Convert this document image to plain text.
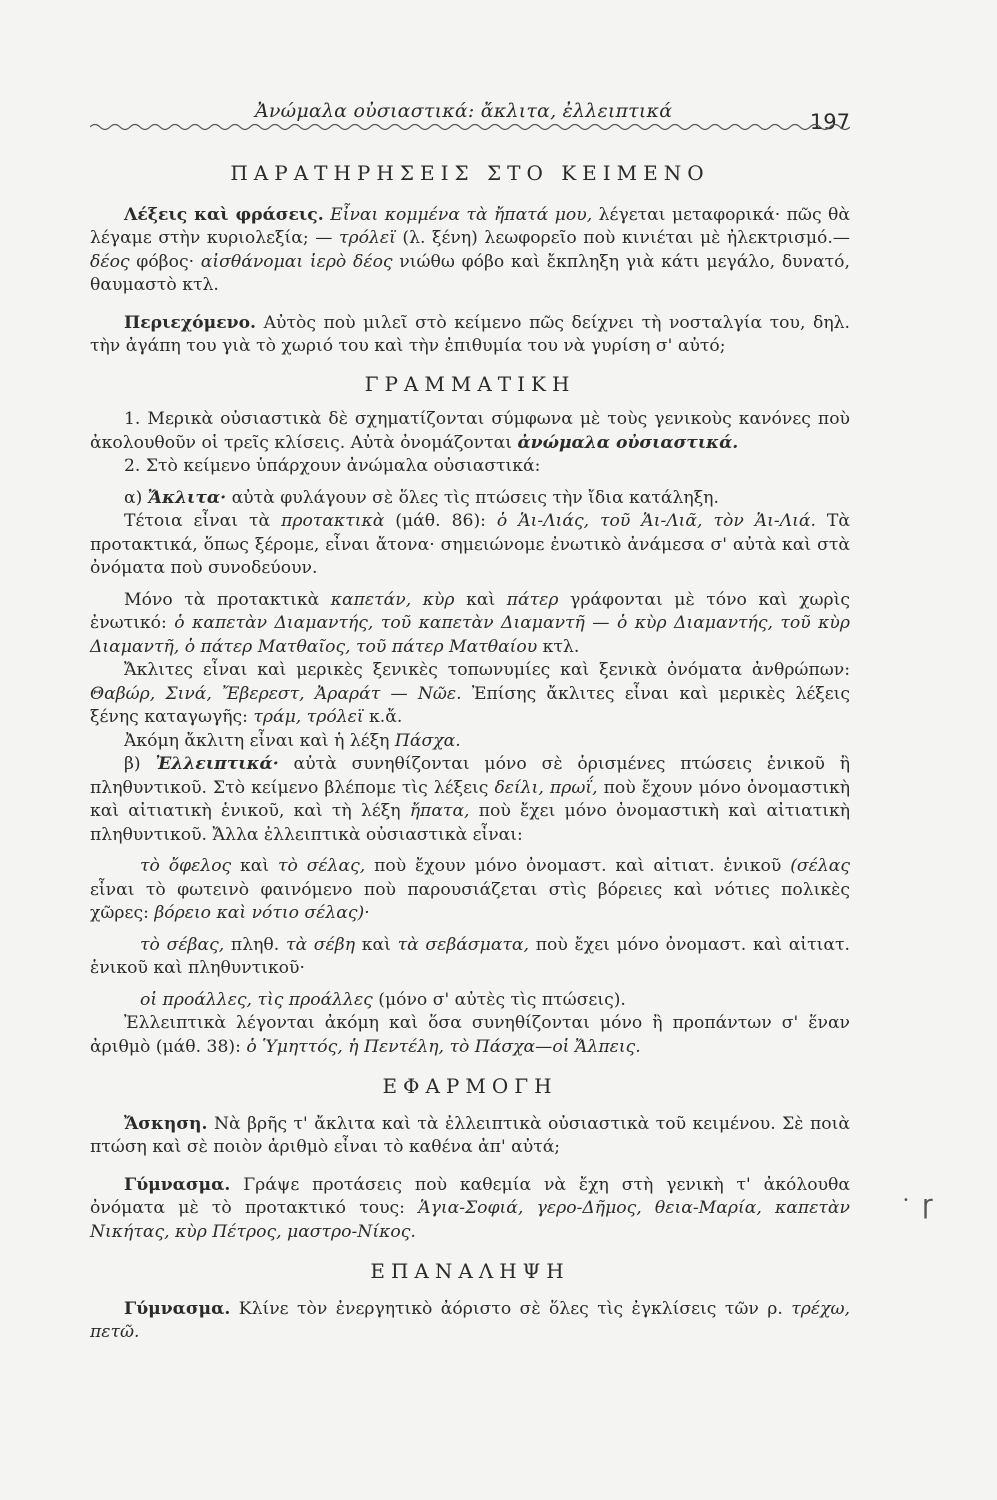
Ἀνώμαλα οὐσιαστικά: ἄκλιτα, ἐλλειπτικά	197
ΠΑΡΑΤΗΡΗΣΕΙΣ ΣΤΟ ΚΕΙΜΕΝΟ

Λέξεις καὶ φράσεις. Εἶναι κομμένα τὰ ἤπατά μου, λέγεται μεταφορικά· πῶς θὰ λέγαμε στὴν κυριολεξία; — τρόλεϊ (λ. ξένη) λεωφορεῖο ποὺ κινιέται μὲ ἠλεκτρισμό.—δέος φόβος· αἰσθάνομαι ἱερὸ δέος νιώθω φόβο καὶ ἔκπληξη γιὰ κάτι μεγάλο, δυνατό, θαυμαστὸ κτλ.

Περιεχόμενο. Αὐτὸς ποὺ μιλεῖ στὸ κείμενο πῶς δείχνει τὴ νοσταλγία του, δηλ. τὴν ἀγάπη του γιὰ τὸ χωριό του καὶ τὴν ἐπιθυμία του νὰ γυρίση σ' αὐτό;

ΓΡΑΜΜΑΤΙΚΗ

1. Μερικὰ οὐσιαστικὰ δὲ σχηματίζονται σύμφωνα μὲ τοὺς γενικοὺς κανόνες ποὺ ἀκολουθοῦν οἱ τρεῖς κλίσεις. Αὐτὰ ὀνομάζονται ἀνώμαλα οὐσιαστικά.

2. Στὸ κείμενο ὑπάρχουν ἀνώμαλα οὐσιαστικά:

α) Ἄκλιτα· αὐτὰ φυλάγουν σὲ ὅλες τὶς πτώσεις τὴν ἴδια κατάληξη.

Τέτοια εἶναι τὰ προτακτικὰ (μάθ. 86): ὁ Ἁι-Λιάς, τοῦ Ἁι-Λιᾶ, τὸν Ἁι-Λιά. Τὰ προτακτικά, ὅπως ξέρομε, εἶναι ἄτονα· σημειώνομε ἐνωτικὸ ἀνάμεσα σ' αὐτὰ καὶ στὰ ὀνόματα ποὺ συνοδεύουν.

Μόνο τὰ προτακτικὰ καπετάν, κὺρ καὶ πάτερ γράφονται μὲ τόνο καὶ χωρὶς ἐνωτικό: ὁ καπετὰν Διαμαντής, τοῦ καπετὰν Διαμαντῆ — ὁ κὺρ Διαμαντής, τοῦ κὺρ Διαμαντῆ, ὁ πάτερ Ματθαῖος, τοῦ πάτερ Ματθαίου κτλ.

Ἄκλιτες εἶναι καὶ μερικὲς ξενικὲς τοπωνυμίες καὶ ξενικὰ ὀνόματα ἀνθρώπων: Θαβώρ, Σινά, Ἔβερεστ, Ἀραράτ — Νῶε. Ἐπίσης ἄκλιτες εἶναι καὶ μερικὲς λέξεις ξένης καταγωγῆς: τράμ, τρόλεϊ κ.ἄ.

Ἀκόμη ἄκλιτη εἶναι καὶ ἡ λέξη Πάσχα.

β) Ἐλλειπτικά· αὐτὰ συνηθίζονται μόνο σὲ ὁρισμένες πτώσεις ἑνικοῦ ἢ πληθυντικοῦ. Στὸ κείμενο βλέπομε τὶς λέξεις δείλι, πρωΐ, ποὺ ἔχουν μόνο ὀνομαστικὴ καὶ αἰτιατικὴ ἑνικοῦ, καὶ τὴ λέξη ἤπατα, ποὺ ἔχει μόνο ὀνομαστικὴ καὶ αἰτιατικὴ πληθυντικοῦ. Ἄλλα ἐλλειπτικὰ οὐσιαστικὰ εἶναι:

τὸ ὄφελος καὶ τὸ σέλας, ποὺ ἔχουν μόνο ὀνομαστ. καὶ αἰτιατ. ἑνικοῦ (σέλας εἶναι τὸ φωτεινὸ φαινόμενο ποὺ παρουσιάζεται στὶς βόρειες καὶ νότιες πολικὲς χῶρες: βόρειο καὶ νότιο σέλας)·

τὸ σέβας, πληθ. τὰ σέβη καὶ τὰ σεβάσματα, ποὺ ἔχει μόνο ὀνομαστ. καὶ αἰτιατ. ἑνικοῦ καὶ πληθυντικοῦ·

οἱ προάλλες, τὶς προάλλες (μόνο σ' αὐτὲς τὶς πτώσεις).

Ἐλλειπτικὰ λέγονται ἀκόμη καὶ ὅσα συνηθίζονται μόνο ἢ προπάντων σ' ἕναν ἀριθμὸ (μάθ. 38): ὁ Ὑμηττός, ἡ Πεντέλη, τὸ Πάσχα—οἱ Ἄλπεις.

ΕΦΑΡΜΟΓΗ

Ἄσκηση. Νὰ βρῆς τ' ἄκλιτα καὶ τὰ ἐλλειπτικὰ οὐσιαστικὰ τοῦ κειμένου. Σὲ ποιὰ πτώση καὶ σὲ ποιὸν ἀριθμὸ εἶναι τὸ καθένα ἀπ' αὐτά;

Γύμνασμα. Γράψε προτάσεις ποὺ καθεμία νὰ ἔχη στὴ γενικὴ τ' ἀκόλουθα ὀνόματα μὲ τὸ προτακτικό τους: Ἁγια-Σοφιά, γερο-Δῆμος, θεια-Μαρία, καπετὰν Νικήτας, κὺρ Πέτρος, μαστρο-Νίκος.

ΕΠΑΝΑΛΗΨΗ

Γύμνασμα. Κλίνε τὸν ἐνεργητικὸ ἀόριστο σὲ ὅλες τὶς ἐγκλίσεις τῶν ρ. τρέχω, πετῶ.

ɼ
•
